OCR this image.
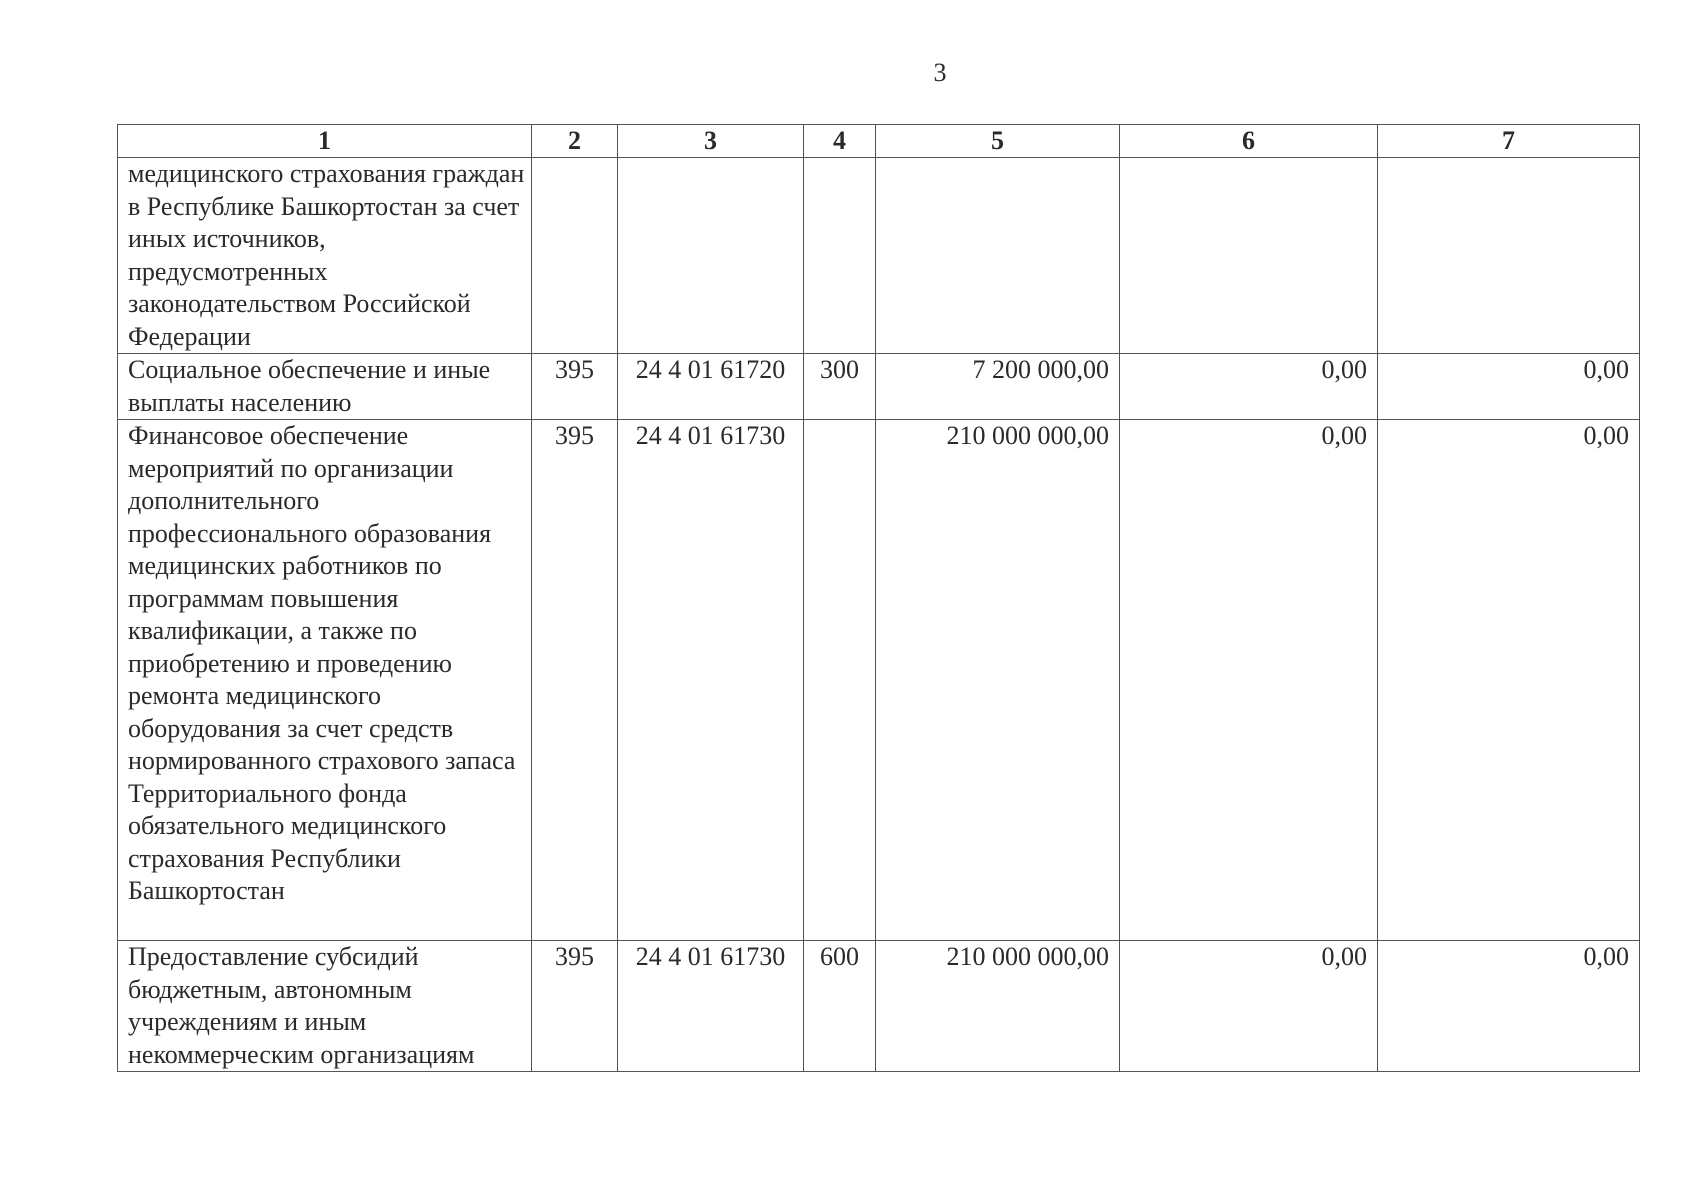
3
1	2	3	4	5	6	7
медицинского страхования граждан в Республике Башкортостан за счет иных источников, предусмотренных законодательством Российской Федерации						
Социальное обеспечение и иные выплаты населению	395	24 4 01 61720	300	7 200 000,00	0,00	0,00
Финансовое обеспечение мероприятий по организации дополнительного профессионального образования медицинских работников по программам повышения квалификации, а также по приобретению и проведению ремонта медицинского оборудования за счет средств нормированного страхового запаса Территориального фонда обязательного медицинского страхования Республики Башкортостан	395	24 4 01 61730		210 000 000,00	0,00	0,00
Предоставление субсидий бюджетным, автономным учреждениям и иным некоммерческим организациям	395	24 4 01 61730	600	210 000 000,00	0,00	0,00
